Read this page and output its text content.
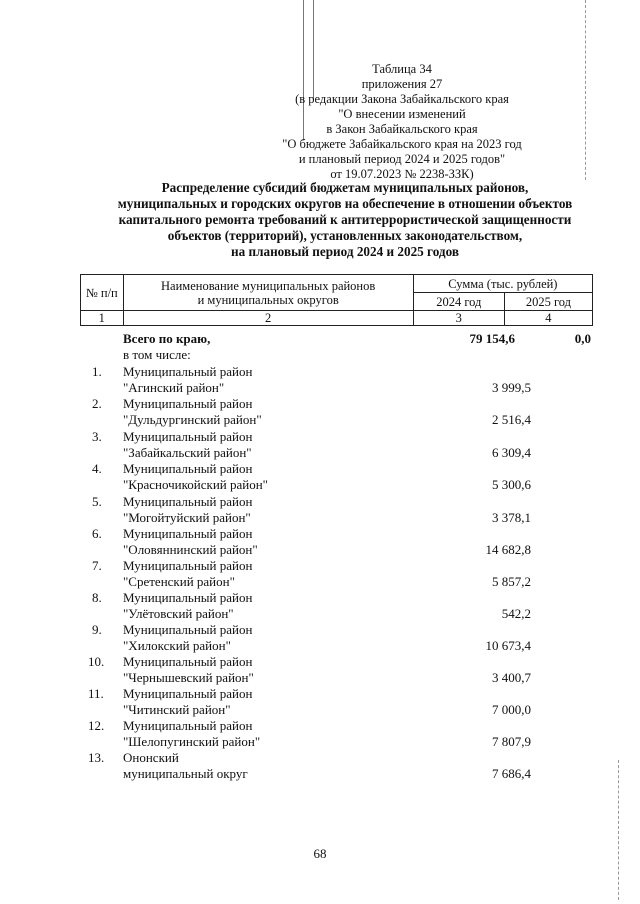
Таблица 34
приложения 27
(в редакции Закона Забайкальского края
"О внесении изменений
в Закон Забайкальского края
"О бюджете Забайкальского края на 2023 год
и плановый период 2024 и 2025 годов"
от 19.07.2023 № 2238-ЗЗК)
Распределение субсидий бюджетам муниципальных районов,
муниципальных и городских округов на обеспечение в отношении объектов
капитального ремонта требований к антитеррористической защищенности
объектов (территорий), установленных законодательством,
на плановый период 2024 и 2025 годов
№ п/п	Наименование муниципальных районов
и муниципальных округов	Сумма (тыс. рублей)	
		2024 год	2025 год
1	2	3	4
Всего по краю,
в том числе:
79 154,6	0,0
1.	Муниципальный район
"Агинский район"	3 999,5
2.	Муниципальный район
"Дульдургинский район"	2 516,4
3.	Муниципальный район
"Забайкальский район"	6 309,4
4.	Муниципальный район
"Красночикойский район"	5 300,6
5.	Муниципальный район
"Могойтуйский район"	3 378,1
6.	Муниципальный район
"Оловяннинский район"	14 682,8
7.	Муниципальный район
"Сретенский район"	5 857,2
8.	Муниципальный район
"Улётовский район"	542,2
9.	Муниципальный район
"Хилокский район"	10 673,4
10.	Муниципальный район
"Чернышевский район"	3 400,7
11.	Муниципальный район
"Читинский район"	7 000,0
12.	Муниципальный район
"Шелопугинский район"	7 807,9
13.	Ононский
муниципальный округ	7 686,4
68
